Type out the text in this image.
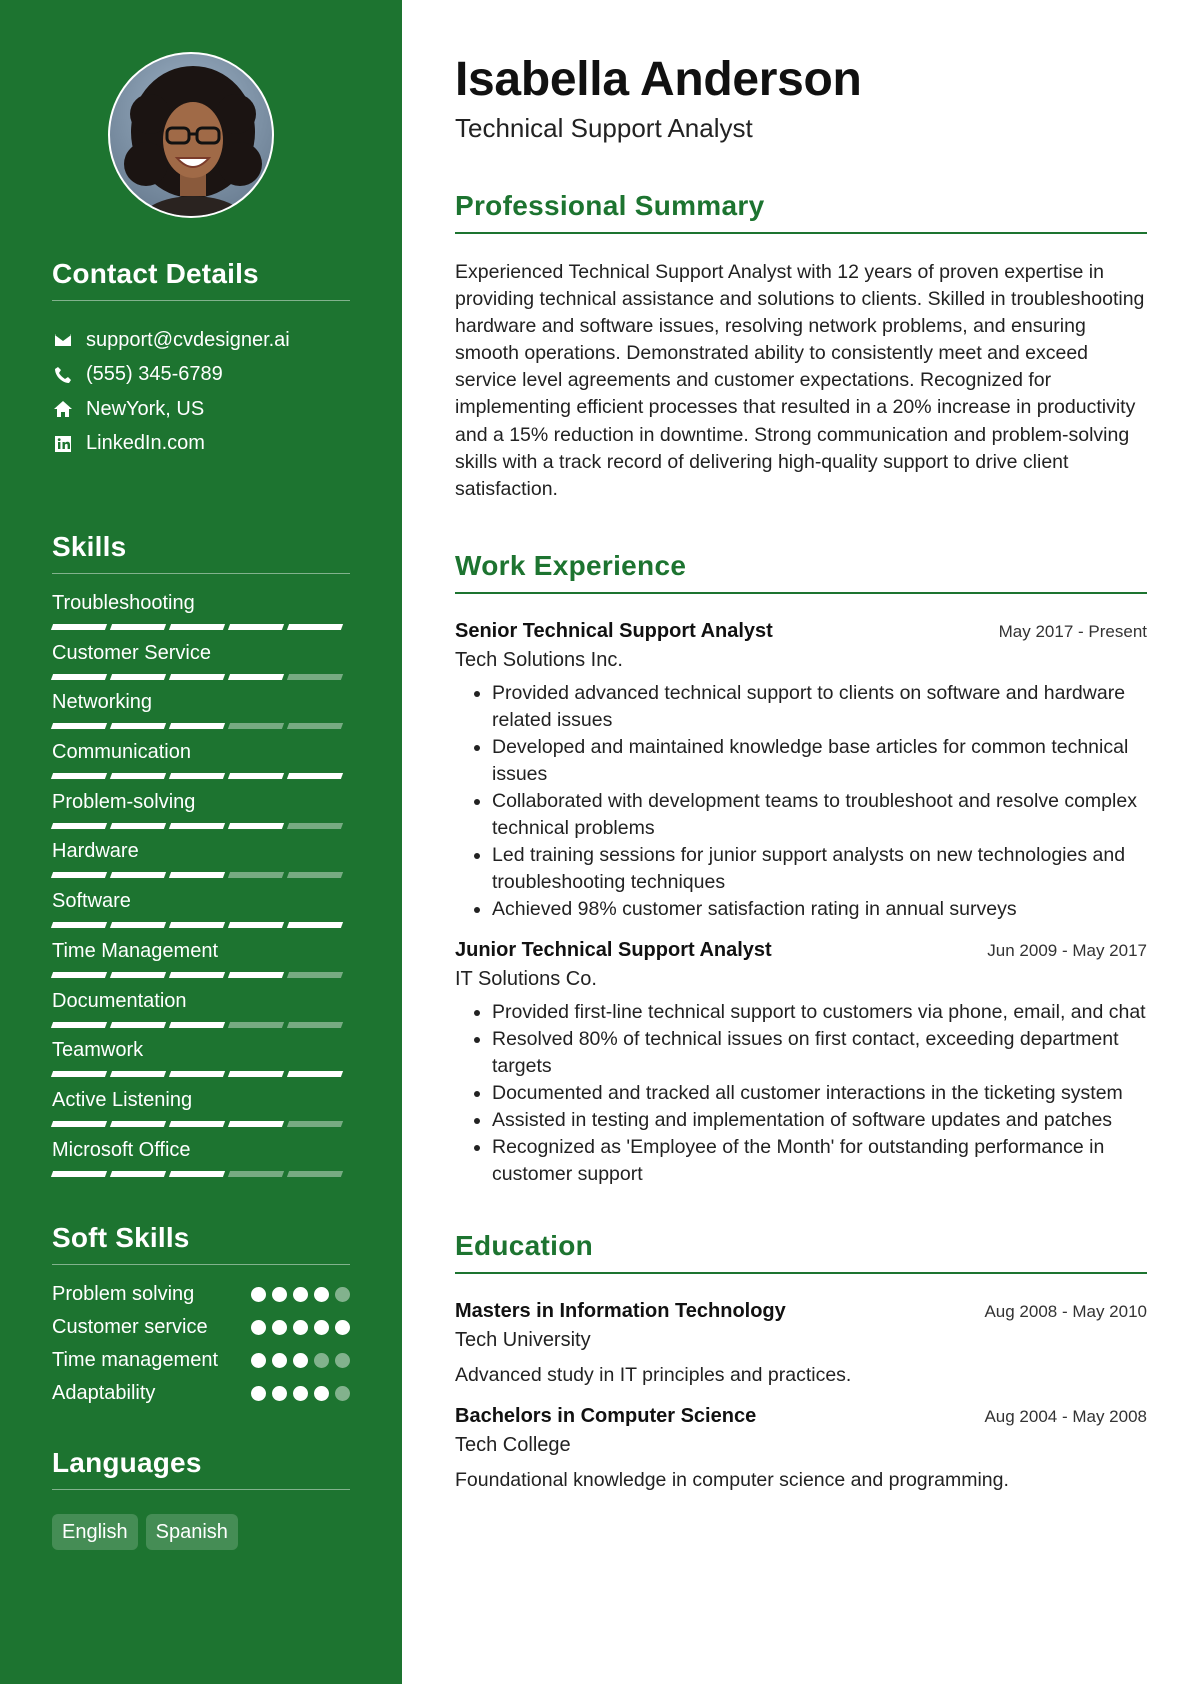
Contact Details
support@cvdesigner.ai
(555) 345-6789
NewYork, US
LinkedIn.com
Skills
Troubleshooting
Customer Service
Networking
Communication
Problem-solving
Hardware
Software
Time Management
Documentation
Teamwork
Active Listening
Microsoft Office
Soft Skills
Problem solving
Customer service
Time management
Adaptability
Languages
English	Spanish
Isabella Anderson
Technical Support Analyst
Professional Summary

Experienced Technical Support Analyst with 12 years of proven expertise in providing technical assistance and solutions to clients. Skilled in troubleshooting hardware and software issues, resolving network problems, and ensuring smooth operations. Demonstrated ability to consistently meet and exceed service level agreements and customer expectations. Recognized for implementing efficient processes that resulted in a 20% increase in productivity and a 15% reduction in downtime. Strong communication and problem-solving skills with a track record of delivering high-quality support to drive client satisfaction.

Work Experience
Senior Technical Support Analyst	May 2017 - Present
Tech Solutions Inc.
• Provided advanced technical support to clients on software and hardware related issues
• Developed and maintained knowledge base articles for common technical issues
• Collaborated with development teams to troubleshoot and resolve complex technical problems
• Led training sessions for junior support analysts on new technologies and troubleshooting techniques
• Achieved 98% customer satisfaction rating in annual surveys
Junior Technical Support Analyst	Jun 2009 - May 2017
IT Solutions Co.
• Provided first-line technical support to customers via phone, email, and chat
• Resolved 80% of technical issues on first contact, exceeding department targets
• Documented and tracked all customer interactions in the ticketing system
• Assisted in testing and implementation of software updates and patches
• Recognized as 'Employee of the Month' for outstanding performance in customer support
Education
Masters in Information Technology	Aug 2008 - May 2010
Tech University
Advanced study in IT principles and practices.
Bachelors in Computer Science	Aug 2004 - May 2008
Tech College
Foundational knowledge in computer science and programming.
